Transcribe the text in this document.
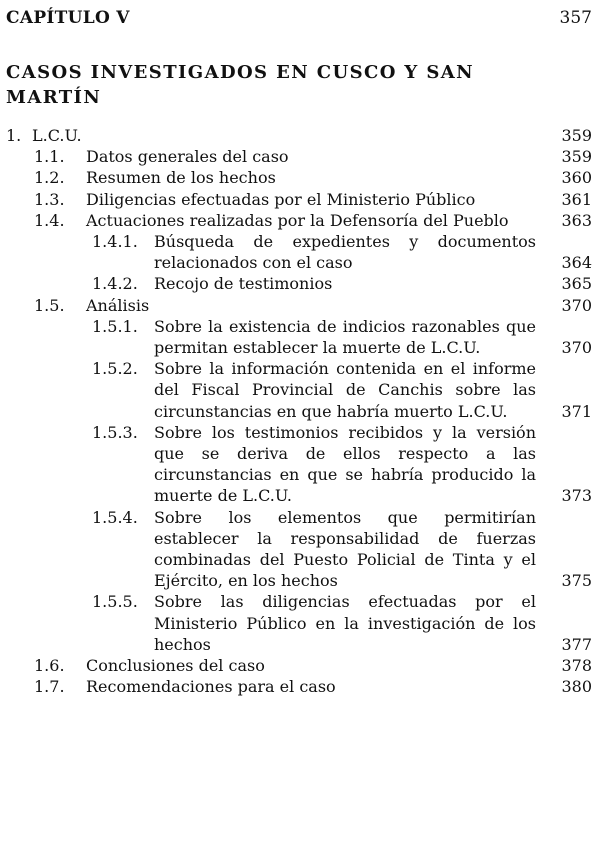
CAPÍTULO V	357
CASOS INVESTIGADOS EN CUSCO Y SAN MARTÍN
1. L.C.U.	359
1.1. Datos generales del caso	359
1.2. Resumen de los hechos	360
1.3. Diligencias efectuadas por el Ministerio Público	361
1.4. Actuaciones realizadas por la Defensoría del Pueblo	363
1.4.1. Búsqueda de expedientes y documentos relacionados con el caso	364
1.4.2. Recojo de testimonios	365
1.5. Análisis	370
1.5.1. Sobre la existencia de indicios razonables que permitan establecer la muerte de L.C.U.	370
1.5.2. Sobre la información contenida en el informe del Fiscal Provincial de Canchis sobre las circunstancias en que habría muerto L.C.U.	371
1.5.3. Sobre los testimonios recibidos y la versión que se deriva de ellos respecto a las circunstancias en que se habría producido la muerte de L.C.U.	373
1.5.4. Sobre los elementos que permitirían establecer la responsabilidad de fuerzas combinadas del Puesto Policial de Tinta y el Ejército, en los hechos	375
1.5.5. Sobre las diligencias efectuadas por el Ministerio Público en la investigación de los hechos	377
1.6. Conclusiones del caso	378
1.7. Recomendaciones para el caso	380
